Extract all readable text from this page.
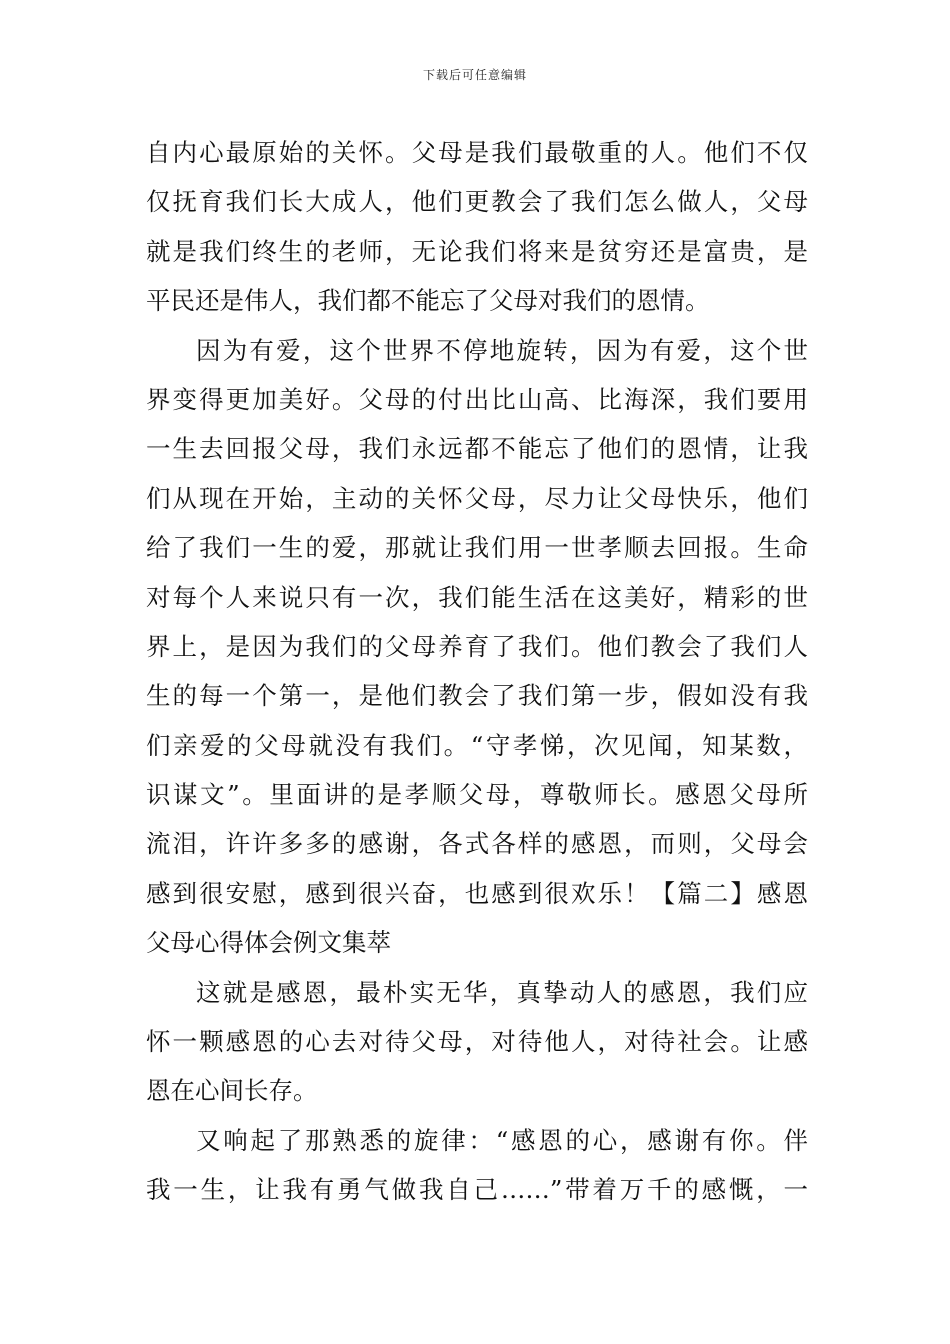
下载后可任意编辑
自内心最原始的关怀。父母是我们最敬重的人。他们不仅
仅抚育我们长大成人，他们更教会了我们怎么做人，父母
就是我们终生的老师，无论我们将来是贫穷还是富贵，是
平民还是伟人，我们都不能忘了父母对我们的恩情。
因为有爱，这个世界不停地旋转，因为有爱，这个世
界变得更加美好。父母的付出比山高、比海深，我们要用
一生去回报父母，我们永远都不能忘了他们的恩情，让我
们从现在开始，主动的关怀父母，尽力让父母快乐，他们
给了我们一生的爱，那就让我们用一世孝顺去回报。生命
对每个人来说只有一次，我们能生活在这美好，精彩的世
界上，是因为我们的父母养育了我们。他们教会了我们人
生的每一个第一，是他们教会了我们第一步，假如没有我
们亲爱的父母就没有我们。“守孝悌，次见闻，知某数，
识谋文”。里面讲的是孝顺父母，尊敬师长。感恩父母所
流泪，许许多多的感谢，各式各样的感恩，而则，父母会
感到很安慰，感到很兴奋，也感到很欢乐！【篇二】感恩
父母心得体会例文集萃
这就是感恩，最朴实无华，真挚动人的感恩，我们应
怀一颗感恩的心去对待父母，对待他人，对待社会。让感
恩在心间长存。
又响起了那熟悉的旋律：“感恩的心，感谢有你。伴
我一生，让我有勇气做我自己……”带着万千的感慨，一
